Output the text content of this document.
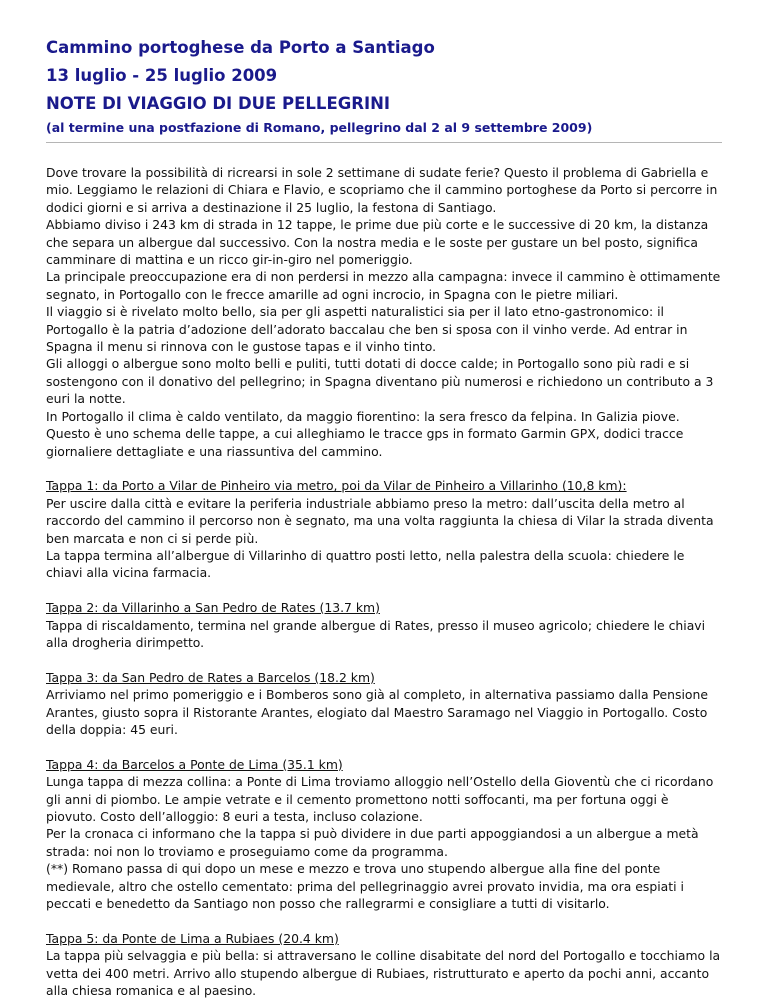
Cammino portoghese da Porto a Santiago
13 luglio - 25 luglio 2009
NOTE DI VIAGGIO DI DUE PELLEGRINI
(al termine una postfazione di Romano, pellegrino dal 2 al 9 settembre 2009)

Dove trovare la possibilità di ricrearsi in sole 2 settimane di sudate ferie? Questo il problema di Gabriella e mio. Leggiamo le relazioni di Chiara e Flavio, e scopriamo che il cammino portoghese da Porto si percorre in dodici giorni e si arriva a destinazione il 25 luglio, la festona di Santiago.

Abbiamo diviso i 243 km di strada in 12 tappe, le prime due più corte e le successive di 20 km, la distanza che separa un albergue dal successivo. Con la nostra media e le soste per gustare un bel posto, significa camminare di mattina e un ricco gir-in-giro nel pomeriggio.

La principale preoccupazione era di non perdersi in mezzo alla campagna: invece il cammino è ottimamente segnato, in Portogallo con le frecce amarille ad ogni incrocio, in Spagna con le pietre miliari.

Il viaggio si è rivelato molto bello, sia per gli aspetti naturalistici sia per il lato etno-gastronomico: il Portogallo è la patria d’adozione dell’adorato baccalau che ben si sposa con il vinho verde. Ad entrar in Spagna il menu si rinnova con le gustose tapas e il vinho tinto.

Gli alloggi o albergue sono molto belli e puliti, tutti dotati di docce calde; in Portogallo sono più radi e si sostengono con il donativo del pellegrino; in Spagna diventano più numerosi e richiedono un contributo a 3 euri la notte.

In Portogallo il clima è caldo ventilato, da maggio fiorentino: la sera fresco da felpina. In Galizia piove.

Questo è uno schema delle tappe, a cui alleghiamo le tracce gps in formato Garmin GPX, dodici tracce giornaliere dettagliate e una riassuntiva del cammino.

Tappa 1: da Porto a Vilar de Pinheiro via metro, poi da Vilar de Pinheiro a Villarinho (10,8 km):

Per uscire dalla città e evitare la periferia industriale abbiamo preso la metro: dall’uscita della metro al raccordo del cammino il percorso non è segnato, ma una volta raggiunta la chiesa di Vilar la strada diventa ben marcata e non ci si perde più.

La tappa termina all’albergue di Villarinho di quattro posti letto, nella palestra della scuola: chiedere le chiavi alla vicina farmacia.

Tappa 2: da Villarinho a San Pedro de Rates (13.7 km)

Tappa di riscaldamento, termina nel grande albergue di Rates, presso il museo agricolo; chiedere le chiavi alla drogheria dirimpetto.

Tappa 3: da San Pedro de Rates a Barcelos (18.2 km)

Arriviamo nel primo pomeriggio e i Bomberos sono già al completo, in alternativa passiamo dalla Pensione Arantes, giusto sopra il Ristorante Arantes, elogiato dal Maestro Saramago nel Viaggio in Portogallo. Costo della doppia: 45 euri.

Tappa 4: da Barcelos a Ponte de Lima (35.1 km)

Lunga tappa di mezza collina: a Ponte di Lima troviamo alloggio nell’Ostello della Gioventù che ci ricordano gli anni di piombo. Le ampie vetrate e il cemento promettono notti soffocanti, ma per fortuna oggi è piovuto. Costo dell’alloggio: 8 euri a testa, incluso colazione.

Per la cronaca ci informano che la tappa si può dividere in due parti appoggiandosi a un albergue a metà strada: noi non lo troviamo e proseguiamo come da programma.

(**) Romano passa di qui dopo un mese e mezzo e trova uno stupendo albergue alla fine del ponte medievale, altro che ostello cementato: prima del pellegrinaggio avrei provato invidia, ma ora espiati i peccati e benedetto da Santiago non posso che rallegrarmi e consigliare a tutti di visitarlo.

Tappa 5: da Ponte de Lima a Rubiaes (20.4 km)

La tappa più selvaggia e più bella: si attraversano le colline disabitate del nord del Portogallo e tocchiamo la vetta dei 400 metri. Arrivo allo stupendo albergue di Rubiaes, ristrutturato e aperto da pochi anni, accanto alla chiesa romanica e al paesino.
